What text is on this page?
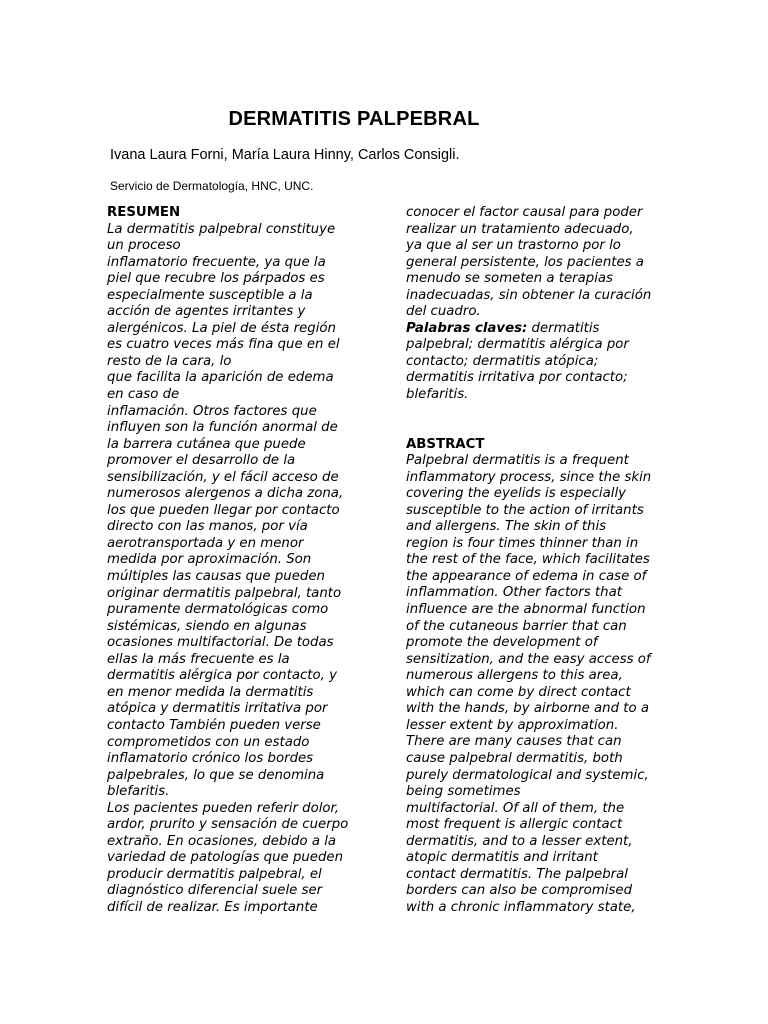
DERMATITIS PALPEBRAL
Ivana Laura Forni, María Laura Hinny, Carlos Consigli.
Servicio de Dermatología, HNC, UNC.
RESUMEN
La dermatitis palpebral constituye
un proceso
inflamatorio frecuente, ya que la
piel que recubre los párpados es
especialmente susceptible a la
acción de agentes irritantes y
alergénicos. La piel de ésta región
es cuatro veces más fina que en el
resto de la cara, lo
que facilita la aparición de edema
en caso de
inflamación. Otros factores que
influyen son la función anormal de
la barrera cutánea que puede
promover el desarrollo de la
sensibilización, y el fácil acceso de
numerosos alergenos a dicha zona,
los que pueden llegar por contacto
directo con las manos, por vía
aerotransportada y en menor
medida por aproximación. Son
múltiples las causas que pueden
originar dermatitis palpebral, tanto
puramente dermatológicas como
sistémicas, siendo en algunas
ocasiones multifactorial. De todas
ellas la más frecuente es la
dermatitis alérgica por contacto, y
en menor medida la dermatitis
atópica y dermatitis irritativa por
contacto También pueden verse
comprometidos con un estado
inflamatorio crónico los bordes
palpebrales, lo que se denomina
blefaritis.
Los pacientes pueden referir dolor,
ardor, prurito y sensación de cuerpo
extraño. En ocasiones, debido a la
variedad de patologías que pueden
producir dermatitis palpebral, el
diagnóstico diferencial suele ser
difícil de realizar. Es importante
conocer el factor causal para poder
realizar un tratamiento adecuado,
ya que al ser un trastorno por lo
general persistente, los pacientes a
menudo se someten a terapias
inadecuadas, sin obtener la curación
del cuadro.
Palabras claves: dermatitis
palpebral; dermatitis alérgica por
contacto; dermatitis atópica;
dermatitis irritativa por contacto;
blefaritis.
ABSTRACT
Palpebral dermatitis is a frequent
inflammatory process, since the skin
covering the eyelids is especially
susceptible to the action of irritants
and allergens. The skin of this
region is four times thinner than in
the rest of the face, which facilitates
the appearance of edema in case of
inflammation. Other factors that
influence are the abnormal function
of the cutaneous barrier that can
promote the development of
sensitization, and the easy access of
numerous allergens to this area,
which can come by direct contact
with the hands, by airborne and to a
lesser extent by approximation.
There are many causes that can
cause palpebral dermatitis, both
purely dermatological and systemic,
being sometimes
multifactorial. Of all of them, the
most frequent is allergic contact
dermatitis, and to a lesser extent,
atopic dermatitis and irritant
contact dermatitis. The palpebral
borders can also be compromised
with a chronic inflammatory state,
